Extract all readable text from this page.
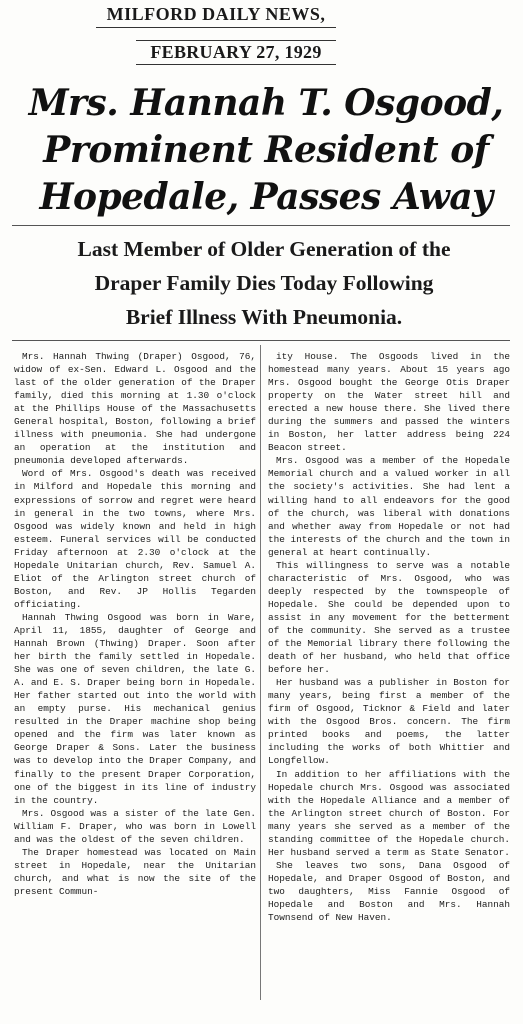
MILFORD DAILY NEWS,
FEBRUARY 27, 1929
Mrs. Hannah T. Osgood,
Prominent Resident of
Hopedale, Passes Away
Last Member of Older Generation of the
Draper Family Dies Today Following
Brief Illness With Pneumonia.

Mrs. Hannah Thwing (Draper) Osgood, 76, widow of ex-Sen. Edward L. Osgood and the last of the older generation of the Draper family, died this morning at 1.30 o'clock at the Phillips House of the Massachusetts General hospital, Boston, following a brief illness with pneumonia. She had undergone an operation at the institution and pneumonia developed afterwards.

Word of Mrs. Osgood's death was received in Milford and Hopedale this morning and expressions of sorrow and regret were heard in general in the two towns, where Mrs. Osgood was widely known and held in high esteem. Funeral services will be conducted Friday afternoon at 2.30 o'clock at the Hopedale Unitarian church, Rev. Samuel A. Eliot of the Arlington street church of Boston, and Rev. JP Hollis Tegarden officiating.

Hannah Thwing Osgood was born in Ware, April 11, 1855, daughter of George and Hannah Brown (Thwing) Draper. Soon after her birth the family settled in Hopedale. She was one of seven children, the late G. A. and E. S. Draper being born in Hopedale. Her father started out into the world with an empty purse. His mechanical genius resulted in the Draper machine shop being opened and the firm was later known as George Draper & Sons. Later the business was to develop into the Draper Company, and finally to the present Draper Corporation, one of the biggest in its line of industry in the country.

Mrs. Osgood was a sister of the late Gen. William F. Draper, who was born in Lowell and was the oldest of the seven children.

The Draper homestead was located on Main street in Hopedale, near the Unitarian church, and what is now the site of the present Commun-

ity House. The Osgoods lived in the homestead many years. About 15 years ago Mrs. Osgood bought the George Otis Draper property on the Water street hill and erected a new house there. She lived there during the summers and passed the winters in Boston, her latter address being 224 Beacon street.

Mrs. Osgood was a member of the Hopedale Memorial church and a valued worker in all the society's activities. She had lent a willing hand to all endeavors for the good of the church, was liberal with donations and whether away from Hopedale or not had the interests of the church and the town in general at heart continually.

This willingness to serve was a notable characteristic of Mrs. Osgood, who was deeply respected by the townspeople of Hopedale. She could be depended upon to assist in any movement for the betterment of the community. She served as a trustee of the Memorial library there following the death of her husband, who held that office before her.

Her husband was a publisher in Boston for many years, being first a member of the firm of Osgood, Ticknor & Field and later with the Osgood Bros. concern. The firm printed books and poems, the latter including the works of both Whittier and Longfellow.

In addition to her affiliations with the Hopedale church Mrs. Osgood was associated with the Hopedale Alliance and a member of the Arlington street church of Boston. For many years she served as a member of the standing committee of the Hopedale church. Her husband served a term as State Senator.

She leaves two sons, Dana Osgood of Hopedale, and Draper Osgood of Boston, and two daughters, Miss Fannie Osgood of Hopedale and Boston and Mrs. Hannah Townsend of New Haven.
